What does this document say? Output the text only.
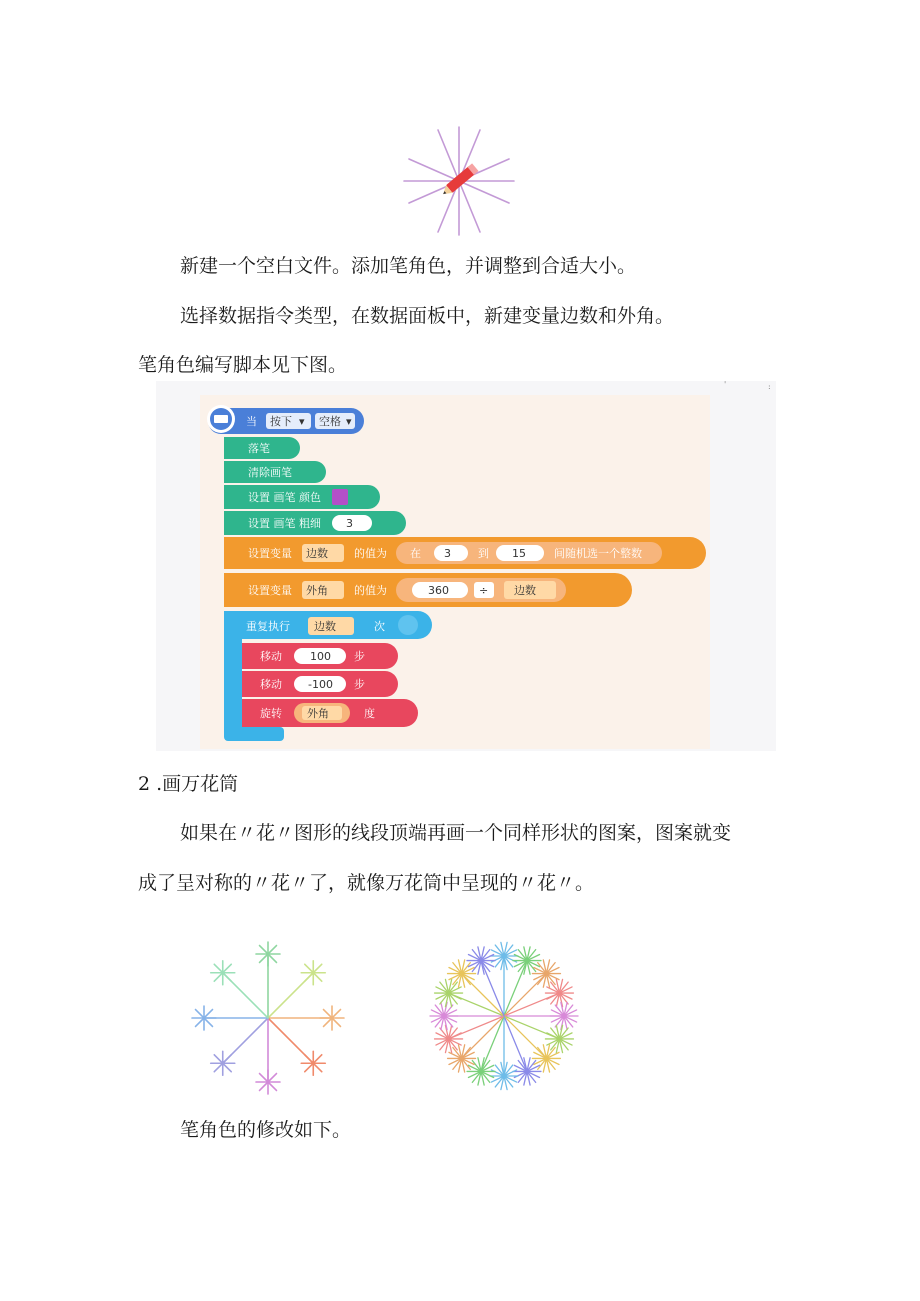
新建一个空白文件。添加笔角色，并调整到合适大小。
选择数据指令类型，在数据面板中，新建变量边数和外角。
笔角色编写脚本见下图。
2 .画万花筒
如果在〃花〃图形的线段顶端再画一个同样形状的图案，图案就变
成了呈对称的〃花〃了，就像万花筒中呈现的〃花〃。
笔角色的修改如下。
'	:
当 按下 ▾ 空格 ▾
落笔
清除画笔
设置 画笔 颜色
设置 画笔 粗细 3
设置变量 边数 的值为 在 3 到 15	间随机选一个整数
设置变量 外角 的值为	360	÷ 边数
重复执行 边数	次
移动	100 步
移动 -100 步
旋转 外角	度
